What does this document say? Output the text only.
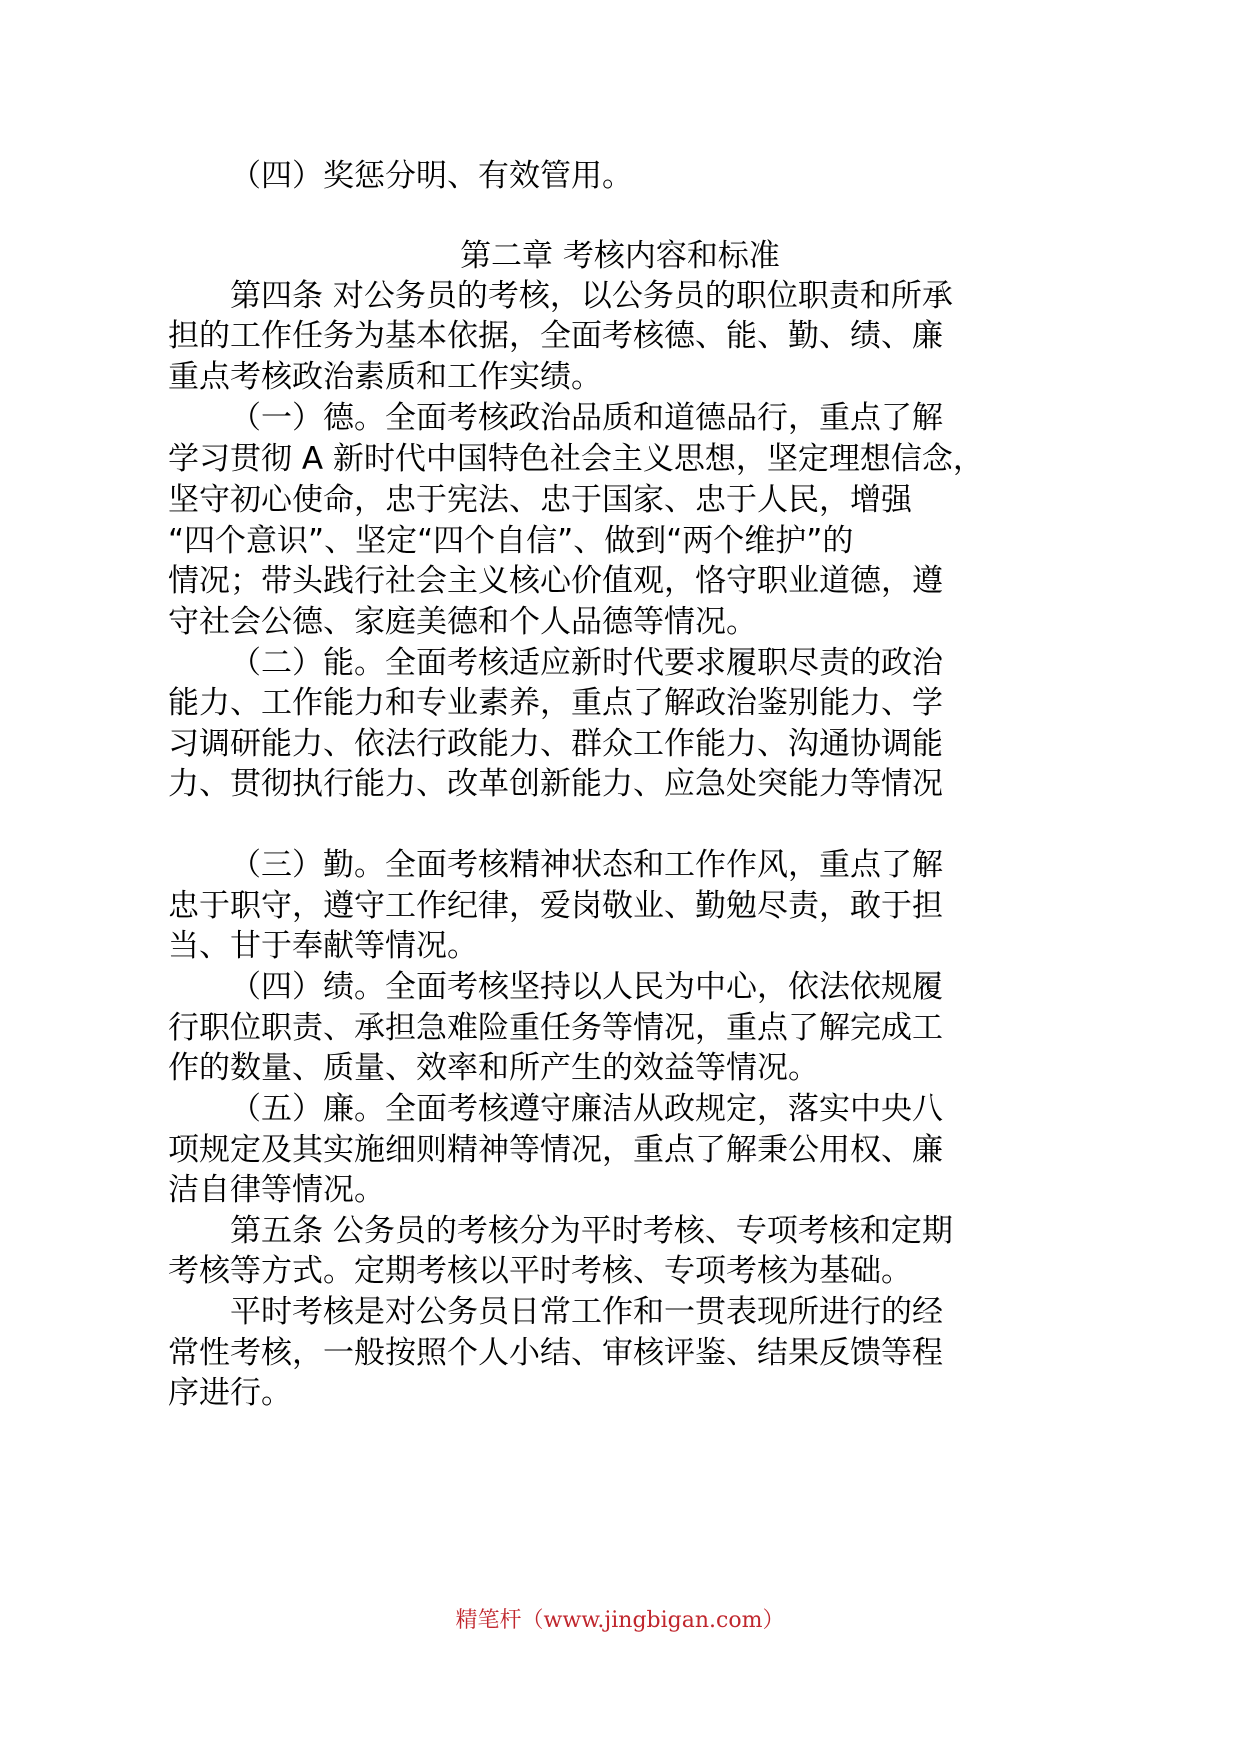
（四）奖惩分明、有效管用。
第二章 考核内容和标准
第四条 对公务员的考核，以公务员的职位职责和所承
担的工作任务为基本依据，全面考核德、能、勤、绩、廉
重点考核政治素质和工作实绩。
（一）德。全面考核政治品质和道德品行，重点了解
学习贯彻 A 新时代中国特色社会主义思想，坚定理想信念，
坚守初心使命，忠于宪法、忠于国家、忠于人民，增强
“四个意识”、坚定“四个自信”、做到“两个维护”的
情况；带头践行社会主义核心价值观，恪守职业道德，遵
守社会公德、家庭美德和个人品德等情况。
（二）能。全面考核适应新时代要求履职尽责的政治
能力、工作能力和专业素养，重点了解政治鉴别能力、学
习调研能力、依法行政能力、群众工作能力、沟通协调能
力、贯彻执行能力、改革创新能力、应急处突能力等情况
（三）勤。全面考核精神状态和工作作风，重点了解
忠于职守，遵守工作纪律，爱岗敬业、勤勉尽责，敢于担
当、甘于奉献等情况。
（四）绩。全面考核坚持以人民为中心，依法依规履
行职位职责、承担急难险重任务等情况，重点了解完成工
作的数量、质量、效率和所产生的效益等情况。
（五）廉。全面考核遵守廉洁从政规定，落实中央八
项规定及其实施细则精神等情况，重点了解秉公用权、廉
洁自律等情况。
第五条 公务员的考核分为平时考核、专项考核和定期
考核等方式。定期考核以平时考核、专项考核为基础。
平时考核是对公务员日常工作和一贯表现所进行的经
常性考核，一般按照个人小结、审核评鉴、结果反馈等程
序进行。
精笔杆（www.jingbigan.com）
